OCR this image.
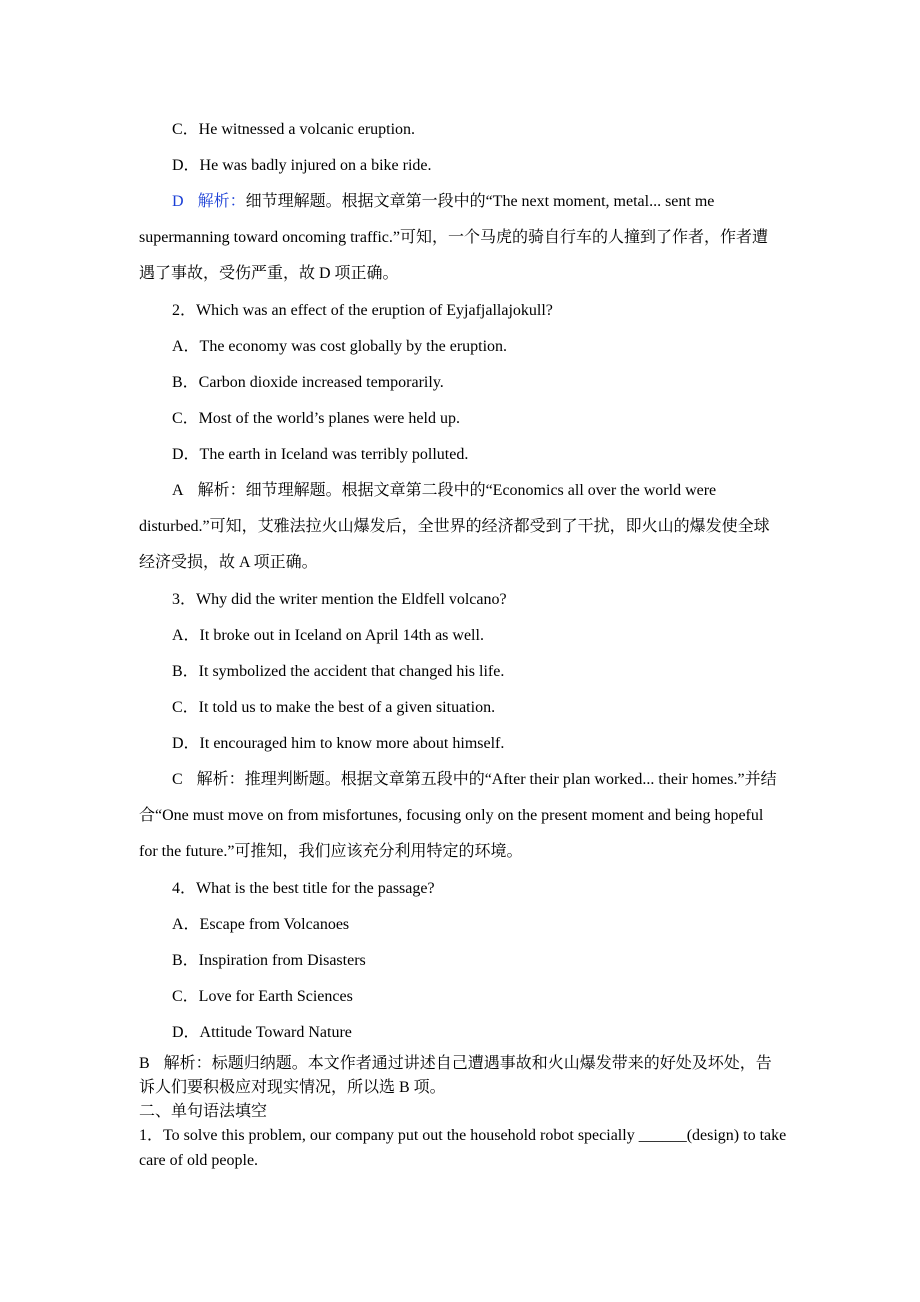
C．He witnessed a volcanic eruption.
D．He was badly injured on a bike ride.
D 解析：细节理解题。根据文章第一段中的“The next moment, metal... sent me
supermanning toward oncoming traffic.”可知，一个马虎的骑自行车的人撞到了作者，作者遭
遇了事故，受伤严重，故 D 项正确。
2．Which was an effect of the eruption of Eyjafjallajokull?
A．The economy was cost globally by the eruption.
B．Carbon dioxide increased temporarily.
C．Most of the world’s planes were held up.
D．The earth in Iceland was terribly polluted.
A 解析：细节理解题。根据文章第二段中的“Economics all over the world were
disturbed.”可知，艾雅法拉火山爆发后，全世界的经济都受到了干扰，即火山的爆发使全球
经济受损，故 A 项正确。
3．Why did the writer mention the Eldfell volcano?
A．It broke out in Iceland on April 14th as well.
B．It symbolized the accident that changed his life.
C．It told us to make the best of a given situation.
D．It encouraged him to know more about himself.
C 解析：推理判断题。根据文章第五段中的“After their plan worked... their homes.”并结
合“One must move on from misfortunes, focusing only on the present moment and being hopeful
for the future.”可推知，我们应该充分利用特定的环境。
4．What is the best title for the passage?
A．Escape from Volcanoes
B．Inspiration from Disasters
C．Love for Earth Sciences
D．Attitude Toward Nature
B 解析：标题归纳题。本文作者通过讲述自己遭遇事故和火山爆发带来的好处及坏处，告
诉人们要积极应对现实情况，所以选 B 项。
二、单句语法填空
1．To solve this problem, our company put out the household robot specially ______(design) to take
care of old people.
